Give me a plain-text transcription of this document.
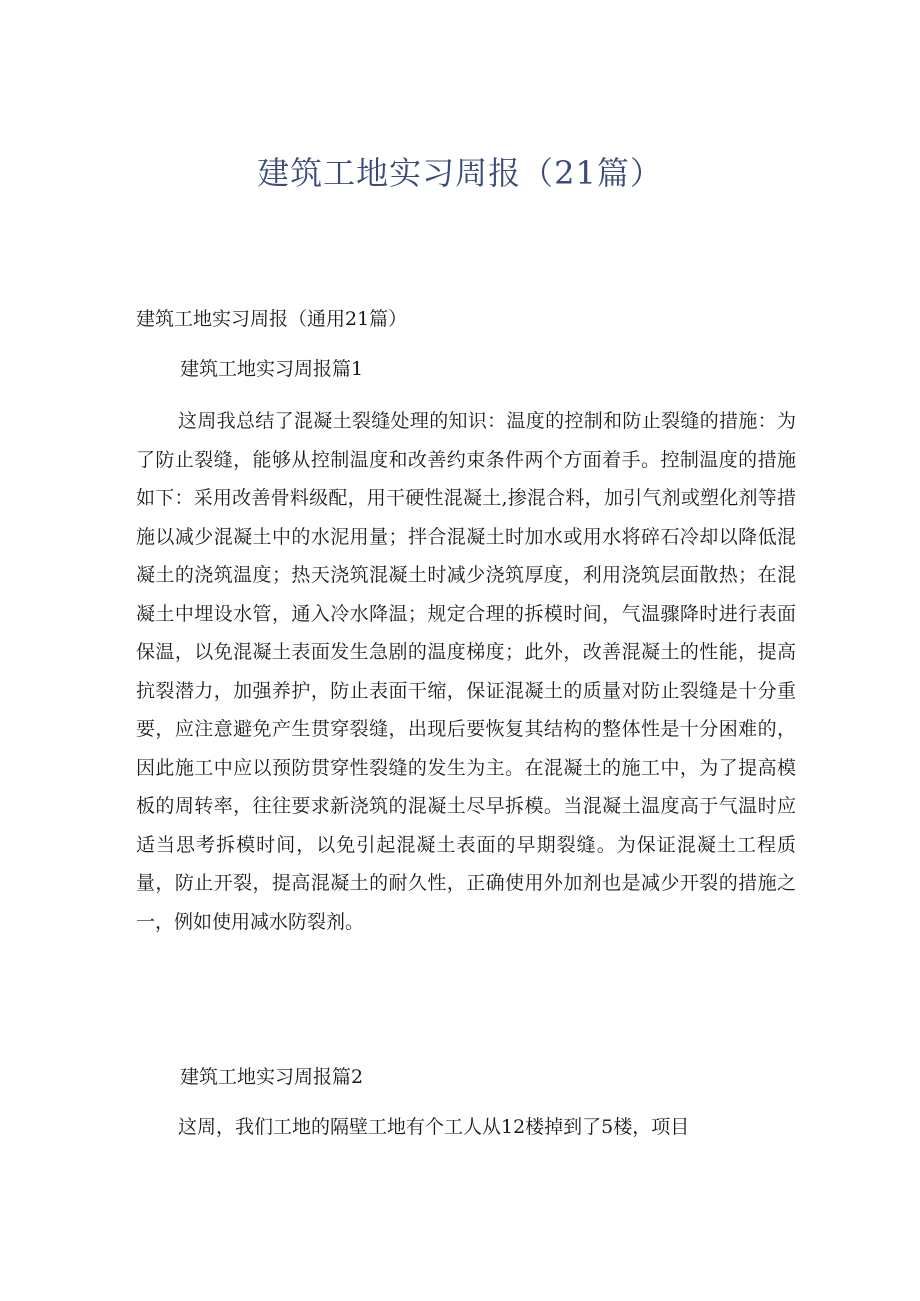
建筑工地实习周报（21篇）
建筑工地实习周报（通用21篇）
建筑工地实习周报篇1

这周我总结了混凝土裂缝处理的知识：温度的控制和防止裂缝的措施：为了防止裂缝，能够从控制温度和改善约束条件两个方面着手。控制温度的措施如下：采用改善骨料级配，用干硬性混凝土,掺混合料，加引气剂或塑化剂等措施以减少混凝土中的水泥用量；拌合混凝土时加水或用水将碎石冷却以降低混凝土的浇筑温度；热天浇筑混凝土时减少浇筑厚度，利用浇筑层面散热；在混凝土中埋设水管，通入冷水降温；规定合理的拆模时间，气温骤降时进行表面保温，以免混凝土表面发生急剧的温度梯度；此外，改善混凝土的性能，提高抗裂潜力，加强养护，防止表面干缩，保证混凝土的质量对防止裂缝是十分重要，应注意避免产生贯穿裂缝，出现后要恢复其结构的整体性是十分困难的，因此施工中应以预防贯穿性裂缝的发生为主。在混凝土的施工中，为了提高模板的周转率，往往要求新浇筑的混凝土尽早拆模。当混凝土温度高于气温时应适当思考拆模时间，以免引起混凝土表面的早期裂缝。为保证混凝土工程质量，防止开裂，提高混凝土的耐久性，正确使用外加剂也是减少开裂的措施之一，例如使用减水防裂剂。

建筑工地实习周报篇2

这周，我们工地的隔壁工地有个工人从12楼掉到了5楼，项目
